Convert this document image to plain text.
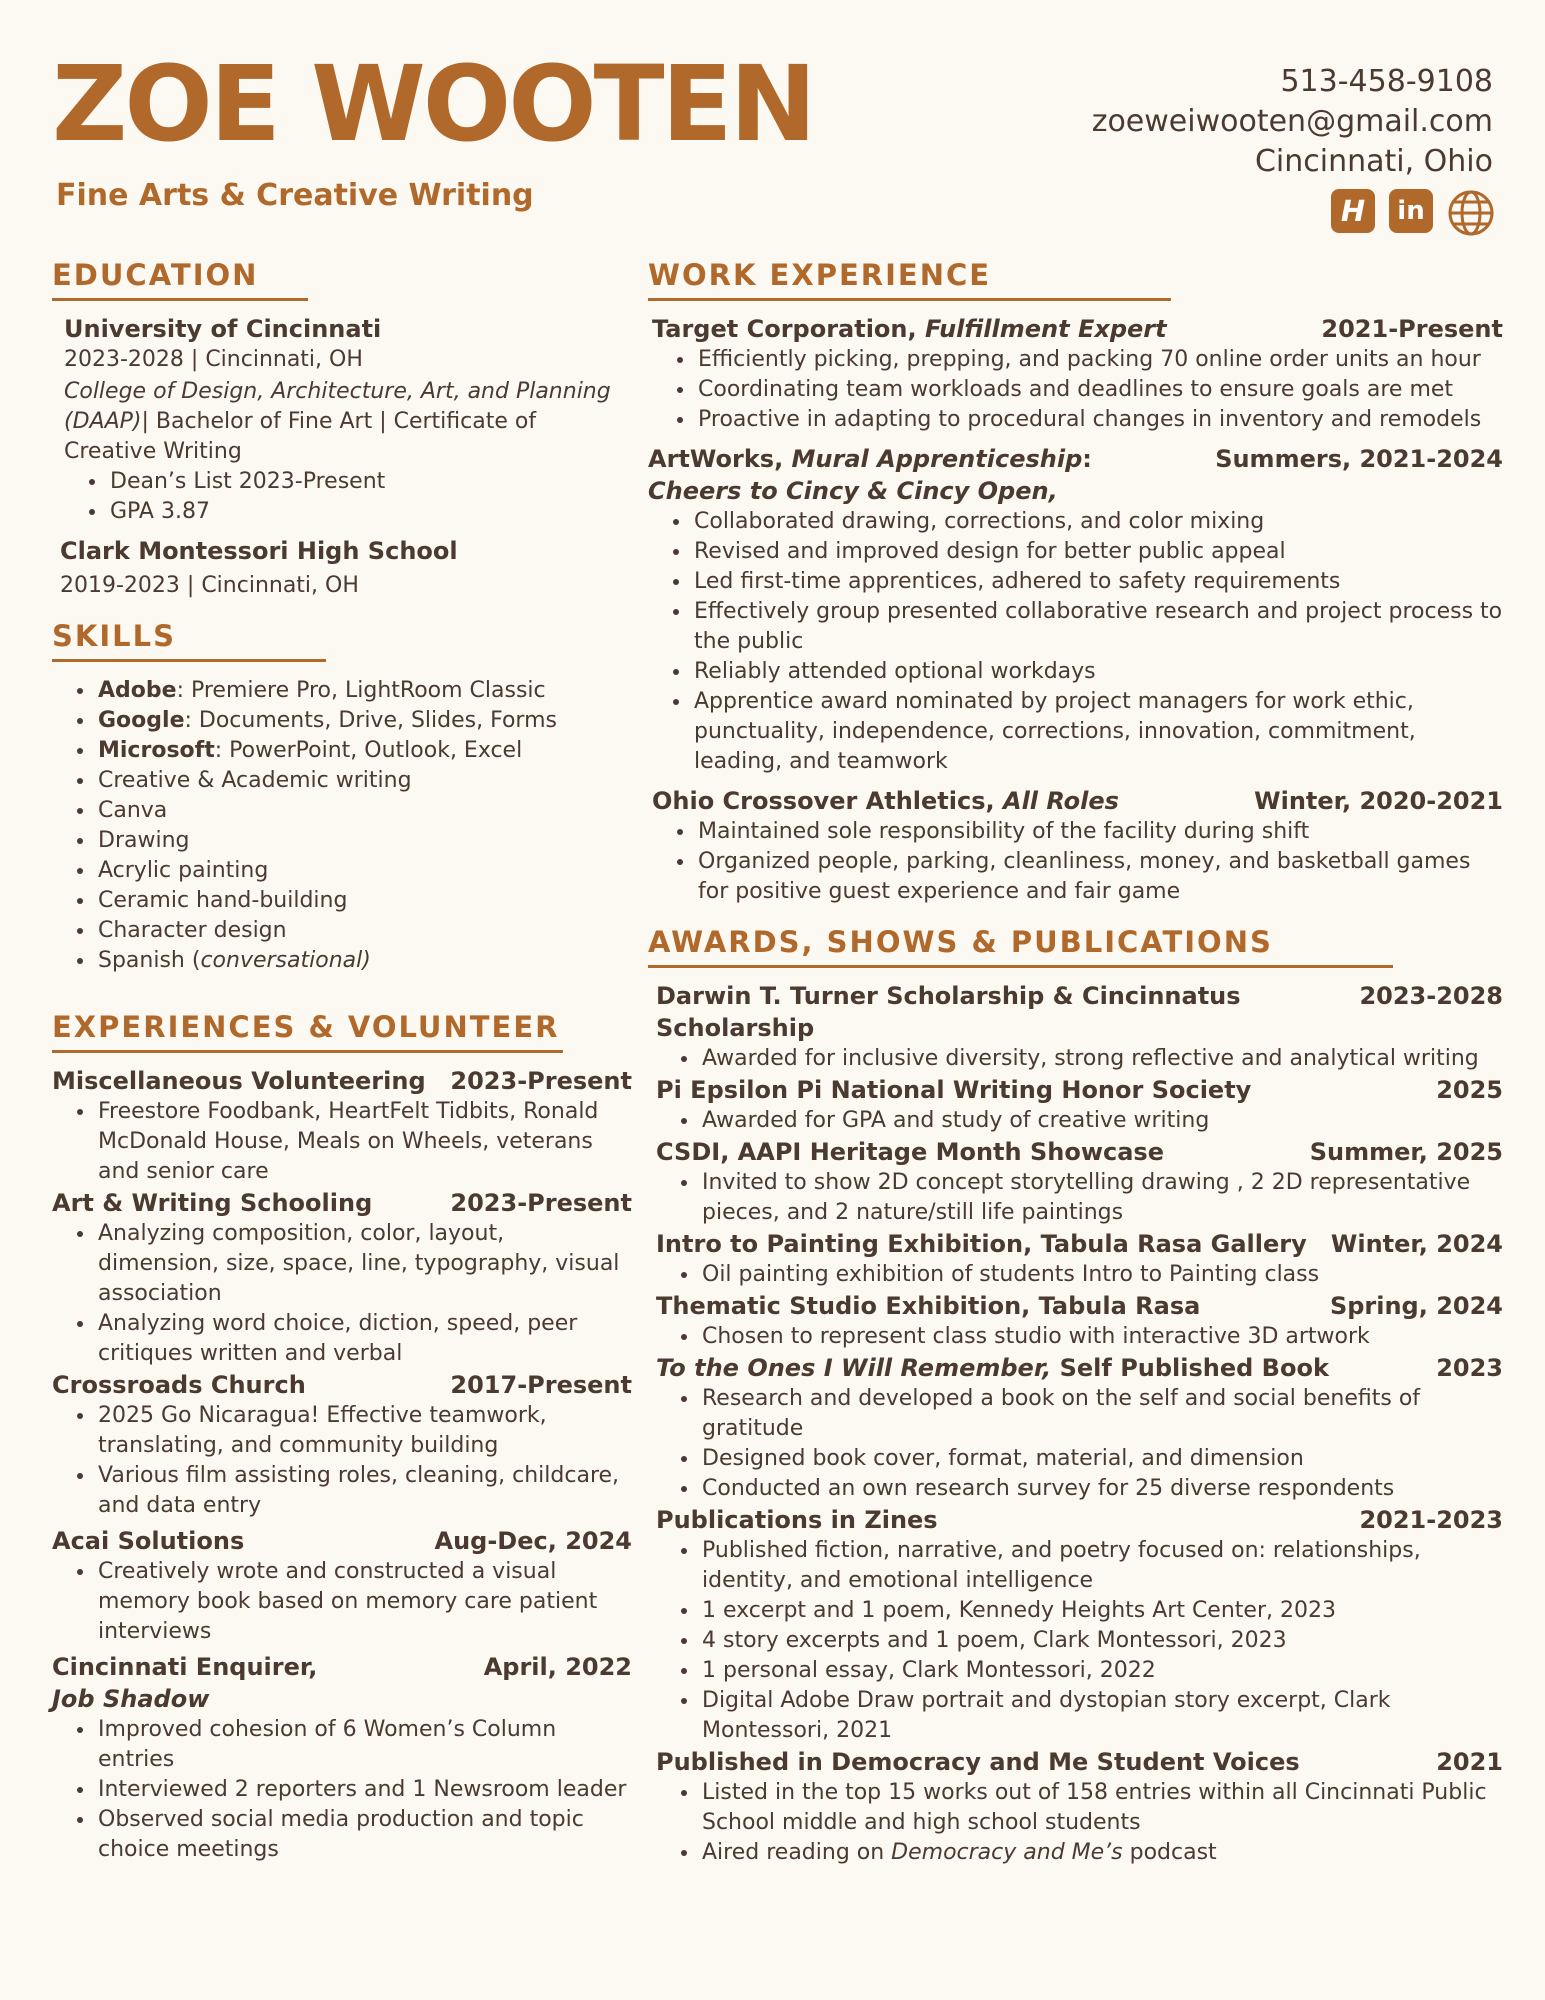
ZOE WOOTEN
Fine Arts & Creative Writing
513-458-9108
zoeweiwooten@gmail.com
Cincinnati, Ohio
H in
EDUCATION
University of Cincinnati
2023-2028 | Cincinnati, OH
College of Design, Architecture, Art, and Planning (DAAP)| Bachelor of Fine Art | Certificate of Creative Writing
• Dean’s List 2023-Present
• GPA 3.87
Clark Montessori High School
2019-2023 | Cincinnati, OH
SKILLS
• Adobe: Premiere Pro, LightRoom Classic
• Google: Documents, Drive, Slides, Forms
• Microsoft: PowerPoint, Outlook, Excel
• Creative & Academic writing
• Canva
• Drawing
• Acrylic painting
• Ceramic hand-building
• Character design
• Spanish (conversational)
EXPERIENCES & VOLUNTEER
Miscellaneous Volunteering	2023-Present
• Freestore Foodbank, HeartFelt Tidbits, Ronald McDonald House, Meals on Wheels, veterans and senior care
Art & Writing Schooling	2023-Present
• Analyzing composition, color, layout, dimension, size, space, line, typography, visual association
• Analyzing word choice, diction, speed, peer critiques written and verbal
Crossroads Church	2017-Present
• 2025 Go Nicaragua! Effective teamwork, translating, and community building
• Various film assisting roles, cleaning, childcare, and data entry
Acai Solutions	Aug-Dec, 2024
• Creatively wrote and constructed a visual memory book based on memory care patient interviews
Cincinnati Enquirer,	April, 2022
Job Shadow
• Improved cohesion of 6 Women’s Column entries
• Interviewed 2 reporters and 1 Newsroom leader
• Observed social media production and topic choice meetings
WORK EXPERIENCE
Target Corporation, Fulfillment Expert	2021-Present
• Efficiently picking, prepping, and packing 70 online order units an hour
• Coordinating team workloads and deadlines to ensure goals are met
• Proactive in adapting to procedural changes in inventory and remodels
ArtWorks, Mural Apprenticeship:	Summers, 2021-2024
Cheers to Cincy & Cincy Open,
• Collaborated drawing, corrections, and color mixing
• Revised and improved design for better public appeal
• Led first-time apprentices, adhered to safety requirements
• Effectively group presented collaborative research and project process to the public
• Reliably attended optional workdays
• Apprentice award nominated by project managers for work ethic, punctuality, independence, corrections, innovation, commitment, leading, and teamwork
Ohio Crossover Athletics, All Roles	Winter, 2020-2021
• Maintained sole responsibility of the facility during shift
• Organized people, parking, cleanliness, money, and basketball games for positive guest experience and fair game
AWARDS, SHOWS & PUBLICATIONS
Darwin T. Turner Scholarship & Cincinnatus Scholarship
2023-2028
• Awarded for inclusive diversity, strong reflective and analytical writing
Pi Epsilon Pi National Writing Honor Society	2025
• Awarded for GPA and study of creative writing
CSDI, AAPI Heritage Month Showcase	Summer, 2025
• Invited to show 2D concept storytelling drawing , 2 2D representative pieces, and 2 nature/still life paintings
Intro to Painting Exhibition, Tabula Rasa Gallery	Winter, 2024
• Oil painting exhibition of students Intro to Painting class
Thematic Studio Exhibition, Tabula Rasa	Spring, 2024
• Chosen to represent class studio with interactive 3D artwork
To the Ones I Will Remember, Self Published Book	2023
• Research and developed a book on the self and social benefits of gratitude
• Designed book cover, format, material, and dimension
• Conducted an own research survey for 25 diverse respondents
Publications in Zines	2021-2023
• Published fiction, narrative, and poetry focused on: relationships, identity, and emotional intelligence
• 1 excerpt and 1 poem, Kennedy Heights Art Center, 2023
• 4 story excerpts and 1 poem, Clark Montessori, 2023
• 1 personal essay, Clark Montessori, 2022
• Digital Adobe Draw portrait and dystopian story excerpt, Clark Montessori, 2021
Published in Democracy and Me Student Voices	2021
• Listed in the top 15 works out of 158 entries within all Cincinnati Public School middle and high school students
• Aired reading on Democracy and Me’s podcast
